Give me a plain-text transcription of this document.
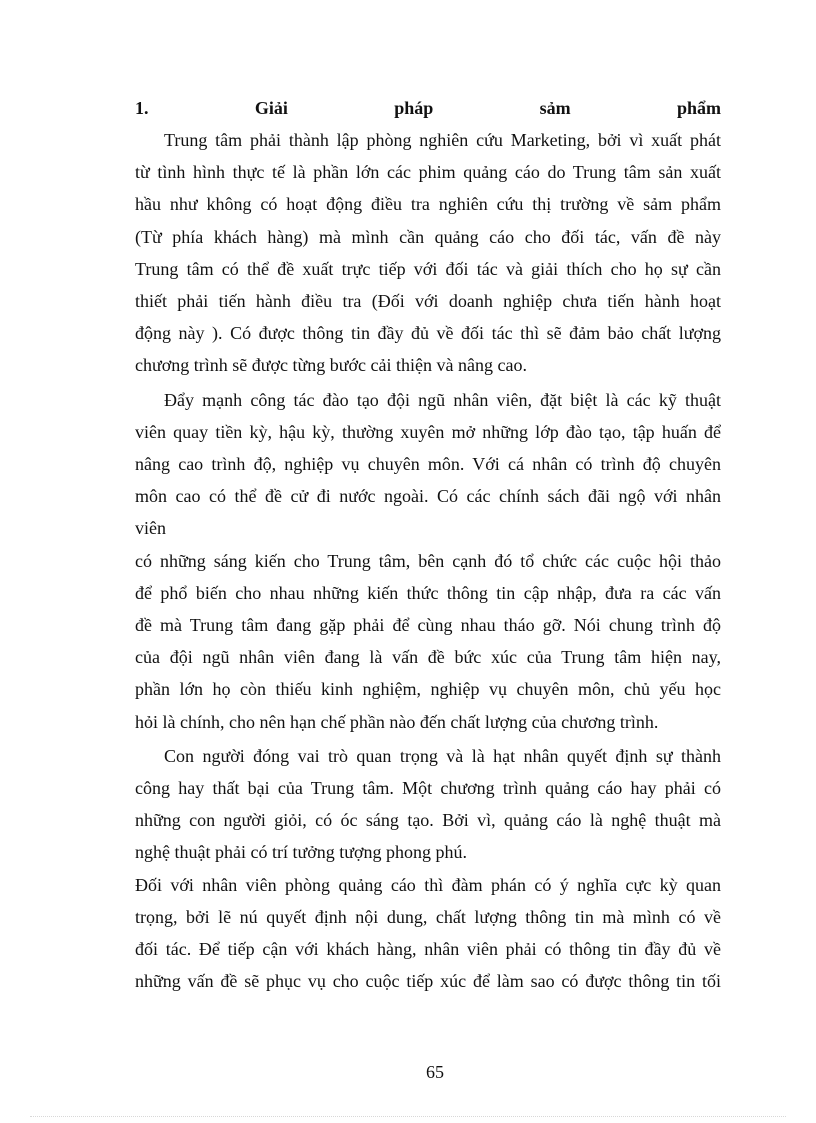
1.	Giải	pháp	sảm	phẩm
Trung tâm phải thành lập phòng nghiên cứu Marketing, bởi vì xuất phát
từ tình hình thực tế là phần lớn các phim quảng cáo do Trung tâm sản xuất
hầu như không có hoạt động điều tra nghiên cứu thị trường về sảm phẩm
(Từ phía khách hàng) mà mình cần quảng cáo cho đối tác, vấn đề này
Trung tâm có thể đề xuất trực tiếp với đối tác và giải thích cho họ sự cần
thiết phải tiến hành điều tra (Đối với doanh nghiệp chưa tiến hành hoạt
động này ). Có được thông tin đầy đủ về đối tác thì sẽ đảm bảo chất lượng
chương trình sẽ được từng bước cải thiện và nâng cao.
Đẩy mạnh công tác đào tạo đội ngũ nhân viên, đặt biệt là các kỹ thuật
viên quay tiền kỳ, hậu kỳ, thường xuyên mở những lớp đào tạo, tập huấn để
nâng cao trình độ, nghiệp vụ chuyên môn. Với cá nhân có trình độ chuyên
môn cao có thể đề cử đi nước ngoài. Có các chính sách đãi ngộ với nhân
viên
có những sáng kiến cho Trung tâm, bên cạnh đó tổ chức các cuộc hội thảo
để phổ biến cho nhau những kiến thức thông tin cập nhập, đưa ra các vấn
đề mà Trung tâm đang gặp phải để cùng nhau tháo gỡ. Nói chung trình độ
của đội ngũ nhân viên đang là vấn đề bức xúc của Trung tâm hiện nay,
phần lớn họ còn thiếu kinh nghiệm, nghiệp vụ chuyên môn, chủ yếu học
hỏi là chính, cho nên hạn chế phần nào đến chất lượng của chương trình.
Con người đóng vai trò quan trọng và là hạt nhân quyết định sự thành
công hay thất bại của Trung tâm. Một chương trình quảng cáo hay phải có
những con người giỏi, có óc sáng tạo. Bởi vì, quảng cáo là nghệ thuật mà
nghệ thuật phải có trí tưởng tượng phong phú.
Đối với nhân viên phòng quảng cáo thì đàm phán có ý nghĩa cực kỳ quan
trọng, bởi lẽ nú quyết định nội dung, chất lượng thông tin mà mình có về
đối tác. Để tiếp cận với khách hàng, nhân viên phải có thông tin đầy đủ về
những vấn đề sẽ phục vụ cho cuộc tiếp xúc để làm sao có được thông tin tối
65
